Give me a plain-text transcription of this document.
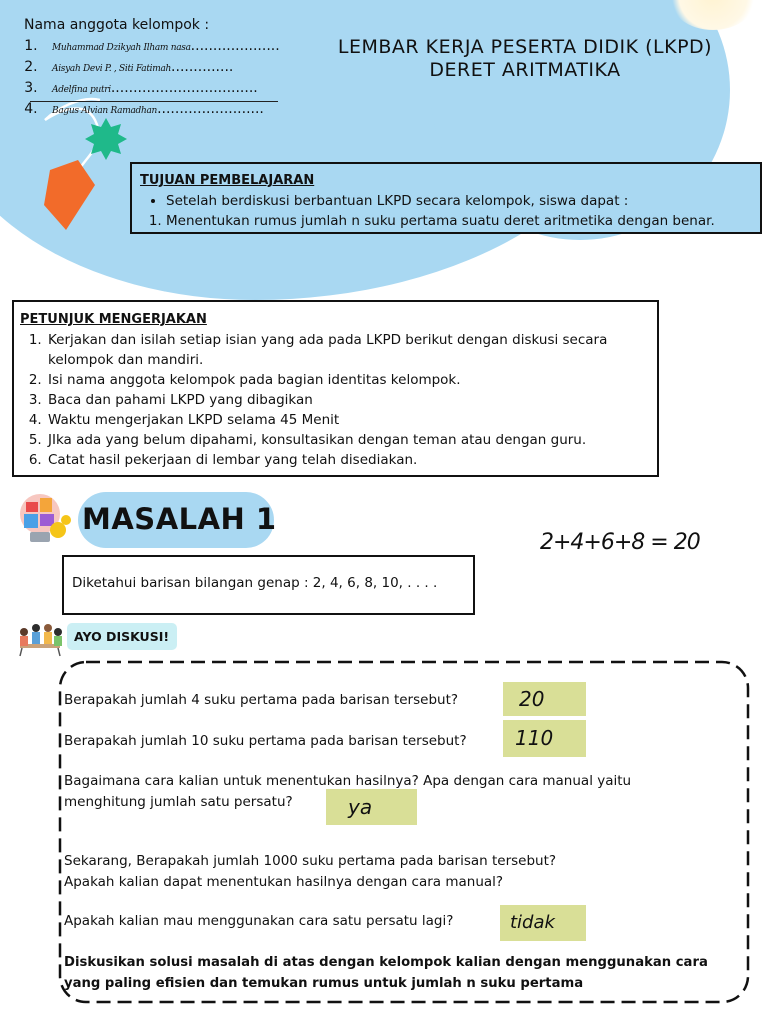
Nama anggota kelompok :
1. Muhammad Dzikyah Ilham nasa....................
2. Aisyah Devi P. , Siti Fatimah..............
3. Adelfina putri.................................
4. Bagus Alvian Ramadhan........................
LEMBAR KERJA PESERTA DIDIK (LKPD)
DERET ARITMATIKA
TUJUAN PEMBELAJARAN
• Setelah berdiskusi berbantuan LKPD secara kelompok, siswa dapat :
1. Menentukan rumus jumlah n suku pertama suatu deret aritmetika dengan benar.
PETUNJUK MENGERJAKAN
1. Kerjakan dan isilah setiap isian yang ada pada LKPD berikut dengan diskusi secara kelompok dan mandiri.
2. Isi nama anggota kelompok pada bagian identitas kelompok.
3. Baca dan pahami LKPD yang dibagikan
4. Waktu mengerjakan LKPD selama 45 Menit
5. JIka ada yang belum dipahami, konsultasikan dengan teman atau dengan guru.
6. Catat hasil pekerjaan di lembar yang telah disediakan.
MASALAH 1
2+4+6+8 = 20
Diketahui barisan bilangan genap : 2, 4, 6, 8, 10, . . . .
AYO DISKUSI!
Berapakah jumlah 4 suku pertama pada barisan tersebut?	20
Berapakah jumlah 10 suku pertama pada barisan tersebut?	110
Bagaimana cara kalian untuk menentukan hasilnya? Apa dengan cara manual yaitu
menghitung jumlah satu persatu?	ya
Sekarang, Berapakah jumlah 1000 suku pertama pada barisan tersebut?
Apakah kalian dapat menentukan hasilnya dengan cara manual?
Apakah kalian mau menggunakan cara satu persatu lagi?	tidak
Diskusikan solusi masalah di atas dengan kelompok kalian dengan menggunakan cara
yang paling efisien dan temukan rumus untuk jumlah n suku pertama
